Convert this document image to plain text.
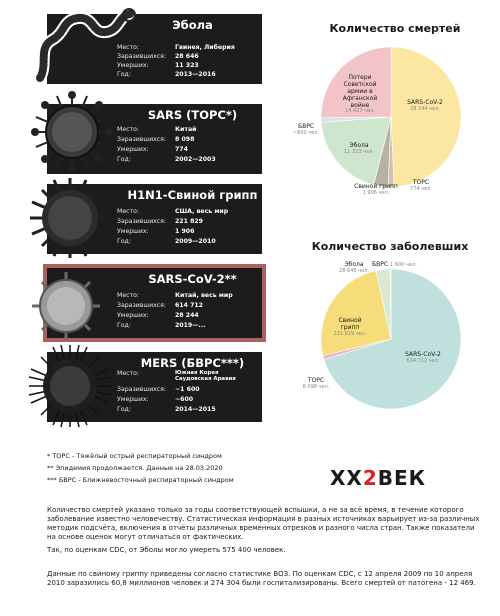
Эбола
Место:	Гвинея, Либерия
Заразившихся: 28 646
Умерших:	11 323
Год:	2013—2016
SARS (ТОРС*)
Место:	Китай
Заразившихся: 8 098
Умерших:	774
Год:	2002—2003
H1N1-Свиной грипп
Место:	США, весь мир
Заразившихся: 221 829
Умерших:	1 906
Год:	2009—2010
SARS-CoV-2**
Место:	Китай, весь мир
Заразившихся: 614 712
Умерших:	28 244
Год:	2019—...
MERS (БВРС***)
Место:	Южная Корея
Саудовская Аравия
Заразившихся: ~1 600
Умерших:	~600
Год:	2014—2015
Количество смертей
Потери Советской армии в Афганской войне
14 427 чел.
SARS-CoV-2
28 244 чел.
Эбола
11 323 чел.
БВРС
~600 чел.
Свиной грипп
1 906 чел.
ТОРС
774 чел.
Количество заболевших
Эбола
28 646 чел.
БВРС 1 600 чел.
Свиной грипп
221 829 чел.
SARS-CoV-2
614 712 чел.
ТОРС
8 098 чел.
* ТОРС - Тяжёлый острый респираторный синдром
** Эпидемия продолжается. Данные на 28.03.2020
*** БВРС - Ближневосточный респираторный синдром	XX2ВЕК
Количество смертей указано только за годы соответствующей вспышки, а не за всё время, в течение которого заболевание известно человечеству. Статистическая информация в разных источниках варьирует из-за различных методик подсчёта, включения в отчёты различных временных отрезков и разного числа стран. Также показатели на основе оценок могут отличаться от фактических.
Так, по оценкам CDC, от Эболы могло умереть 575 400 человек.
Данные по свиному гриппу приведены согласно статистике ВОЗ. По оценкам CDC, с 12 апреля 2009 по 10 апреля 2010 заразились 60,8 миллионов человек и 274 304 были госпитализированы. Всего смертей от патогена - 12 469.
